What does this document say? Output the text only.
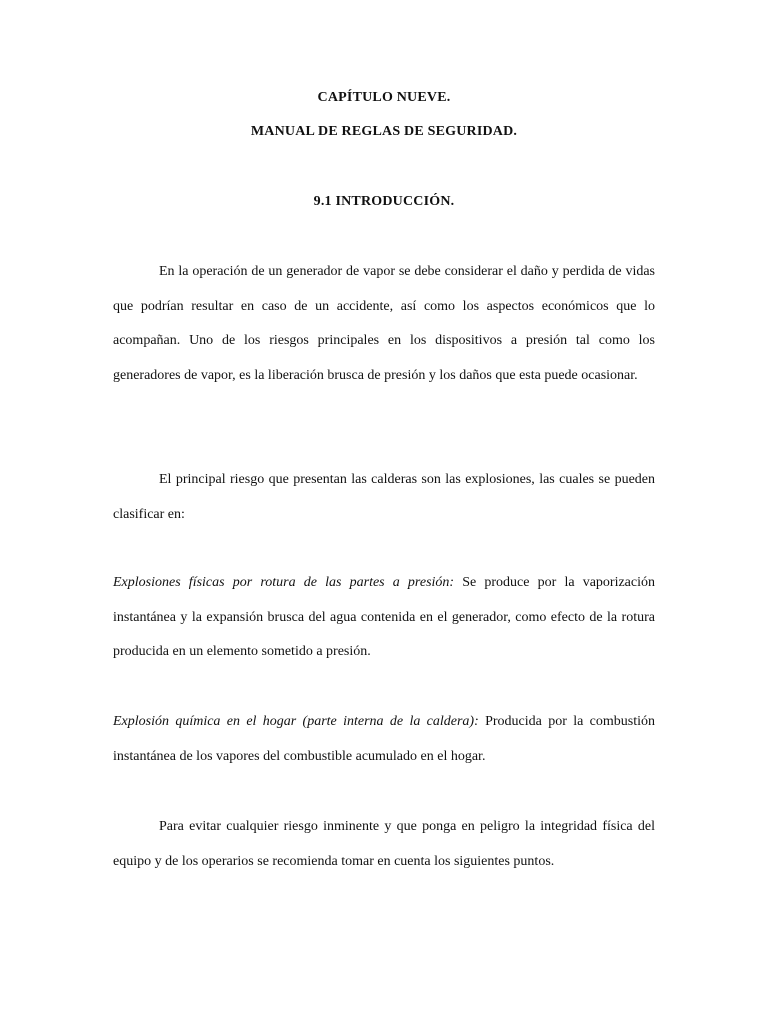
CAPÍTULO NUEVE.
MANUAL DE REGLAS DE SEGURIDAD.
9.1 INTRODUCCIÓN.

En la operación de un generador de vapor se debe considerar el daño y perdida de vidas que podrían resultar en caso de un accidente, así como los aspectos económicos que lo acompañan. Uno de los riesgos principales en los dispositivos a presión tal como los generadores de vapor, es la liberación brusca de presión y los daños que esta puede ocasionar.

El principal riesgo que presentan las calderas son las explosiones, las cuales se pueden clasificar en:

Explosiones físicas por rotura de las partes a presión: Se produce por la vaporización instantánea y la expansión brusca del agua contenida en el generador, como efecto de la rotura producida en un elemento sometido a presión.

Explosión química en el hogar (parte interna de la caldera): Producida por la combustión instantánea de los vapores del combustible acumulado en el hogar.

Para evitar cualquier riesgo inminente y que ponga en peligro la integridad física del equipo y de los operarios se recomienda tomar en cuenta los siguientes puntos.
